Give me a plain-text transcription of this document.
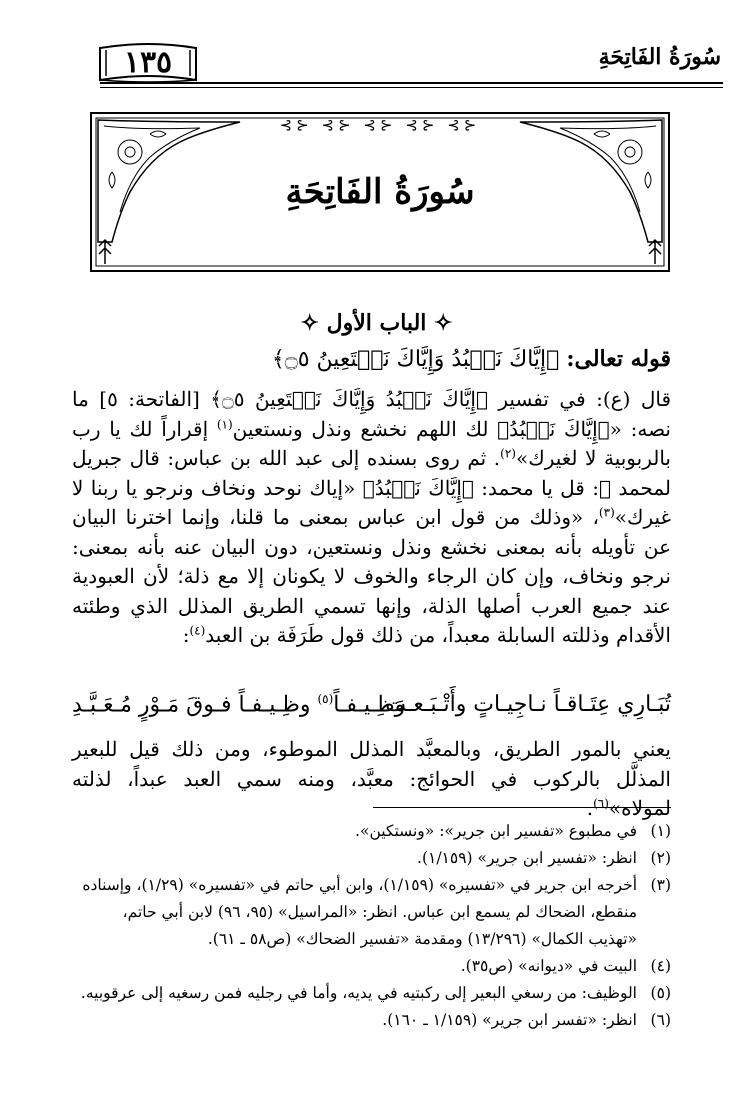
١٣٥	سُورَةُ الفَاتِحَةِ
⊰⊱ ⊰⊱ ⊰⊱ ⊰⊱ ⊰⊱
سُورَةُ الفَاتِحَةِ
✧ الباب الأول ✧
قوله تعالى: ﴿إِيَّاكَ نَعۡبُدُ وَإِيَّاكَ نَسۡتَعِينُ ۝٥﴾
قال (ع): في تفسير ﴿إِيَّاكَ نَعۡبُدُ وَإِيَّاكَ نَسۡتَعِينُ ۝٥﴾ [الفاتحة: ٥] ما نصه: «﴿إِيَّاكَ نَعۡبُدُ﴾ لك اللهم نخشع ونذل ونستعين$^{(١)}$ إقراراً لك يا رب بالربوبية لا لغيرك»$^{(٢)}$. ثم روى بسنده إلى عبد الله بن عباس: قال جبريل لمحمد ﷺ: قل يا محمد: ﴿إِيَّاكَ نَعۡبُدُ﴾ «إياك نوحد ونخاف ونرجو يا ربنا لا غيرك»$^{(٣)}$، «وذلك من قول ابن عباس بمعنى ما قلنا، وإنما اخترنا البيان عن تأويله بأنه بمعنى نخشع ونذل ونستعين، دون البيان عنه بأنه بمعنى: نرجو ونخاف، وإن كان الرجاء والخوف لا يكونان إلا مع ذلة؛ لأن العبودية عند جميع العرب أصلها الذلة، وإنها تسمي الطريق المذلل الذي وطئته الأقدام وذللته السابلة معبداً، من ذلك قول طَرَفَة بن العبد$^{(٤)}$:
تُبَـارِي عِتَـاقـاً نـاجِيـاتٍ وأَتْـبَـعـت
وَظِـيـفـاً$^{(٥)}$ وظِـيـفـاً فـوقَ مَـوْرٍ مُـعَـبَّـدِ
يعني بالمور الطريق، وبالمعبَّد المذلل الموطوء، ومن ذلك قيل للبعير المذلَّل بالركوب في الحوائج: معبَّد، ومنه سمي العبد عبداً، لذلته لمولاه»$^{(٦)}$.
(١)
في مطبوع «تفسير ابن جرير»: «ونستكين».
(٢)
انظر: «تفسير ابن جرير» (١/١٥٩).
(٣)
أخرجه ابن جرير في «تفسيره» (١/١٥٩)، وابن أبي حاتم في «تفسيره» (١/٢٩)، وإسناده منقطع، الضحاك لم يسمع ابن عباس. انظر: «المراسيل» (٩٥، ٩٦) لابن أبي حاتم، «تهذيب الكمال» (١٣/٢٩٦) ومقدمة «تفسير الضحاك» (ص٥٨ ـ ٦١).
(٤)
البيت في «ديوانه» (ص٣٥).
(٥)
الوظيف: من رسغي البعير إلى ركبتيه في يديه، وأما في رجليه فمن رسغيه إلى عرقوبيه.
(٦)
انظر: «تفسر ابن جرير» (١/١٥٩ ـ ١٦٠).
